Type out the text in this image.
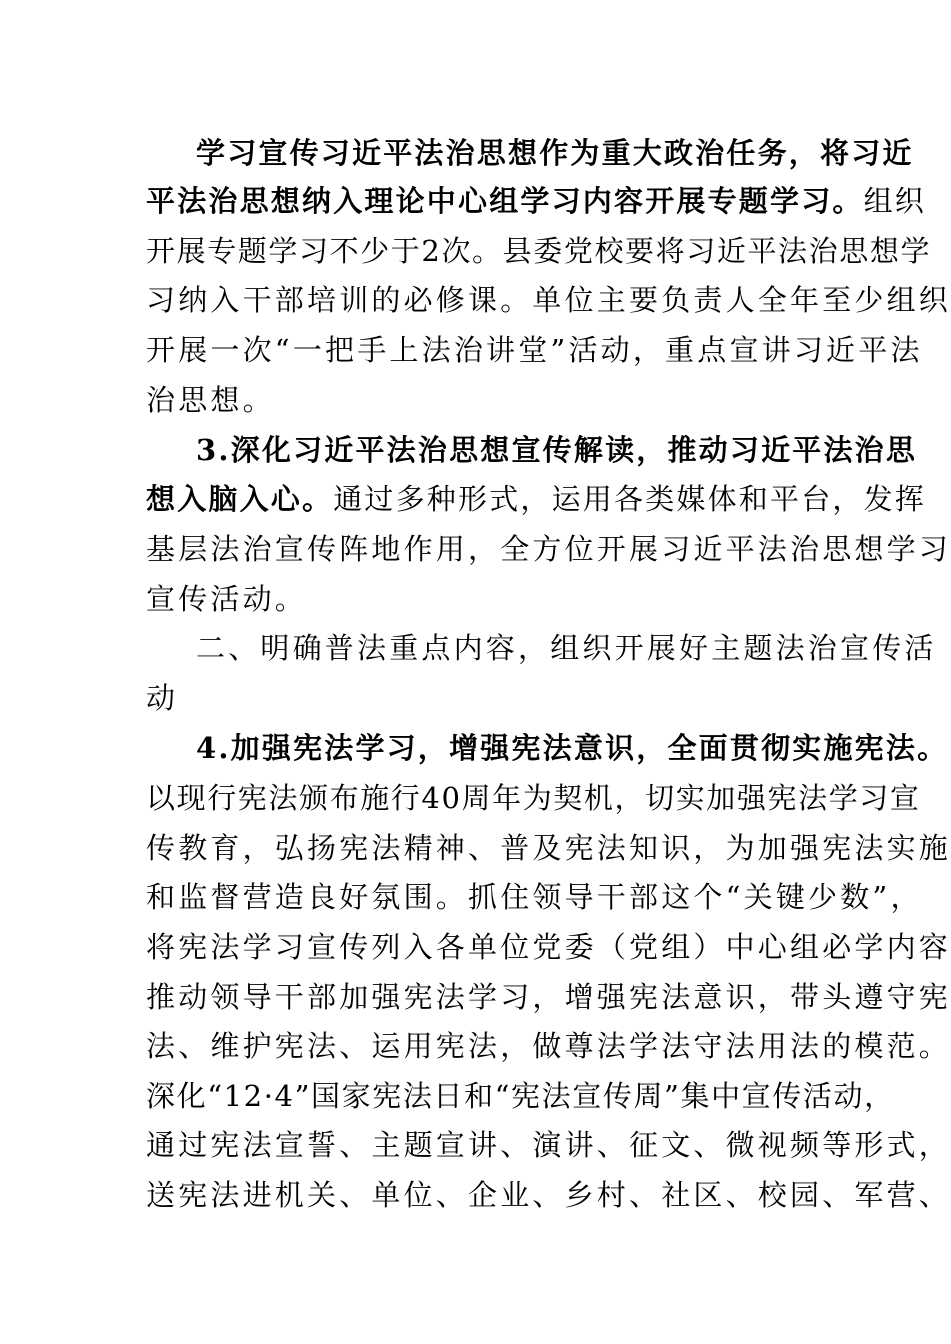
学习宣传习近平法治思想作为重大政治任务，将习近
平法治思想纳入理论中心组学习内容开展专题学习。组织
开展专题学习不少于2次。县委党校要将习近平法治思想学
习纳入干部培训的必修课。单位主要负责人全年至少组织
开展一次“一把手上法治讲堂”活动，重点宣讲习近平法
治思想。
3.深化习近平法治思想宣传解读，推动习近平法治思
想入脑入心。通过多种形式，运用各类媒体和平台，发挥
基层法治宣传阵地作用，全方位开展习近平法治思想学习
宣传活动。
二、明确普法重点内容，组织开展好主题法治宣传活
动
4.加强宪法学习，增强宪法意识，全面贯彻实施宪法。
以现行宪法颁布施行40周年为契机，切实加强宪法学习宣
传教育，弘扬宪法精神、普及宪法知识，为加强宪法实施
和监督营造良好氛围。抓住领导干部这个“关键少数”，
将宪法学习宣传列入各单位党委（党组）中心组必学内容
推动领导干部加强宪法学习，增强宪法意识，带头遵守宪
法、维护宪法、运用宪法，做尊法学法守法用法的模范。
深化“12·4”国家宪法日和“宪法宣传周”集中宣传活动，
通过宪法宣誓、主题宣讲、演讲、征文、微视频等形式，
送宪法进机关、单位、企业、乡村、社区、校园、军营、
